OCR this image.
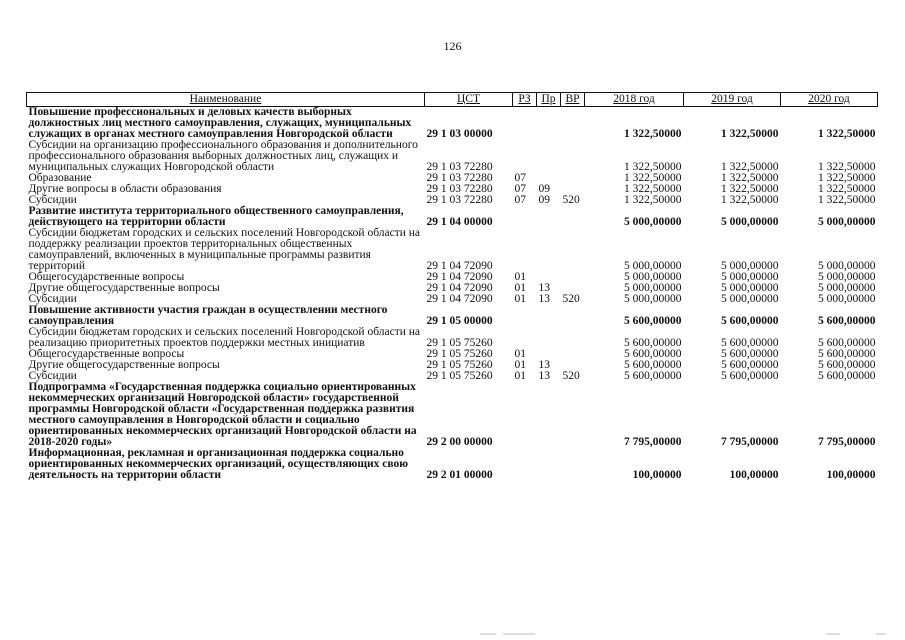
126
Наименование	ЦСТ	РЗ	Пр	ВР	2018 год	2019 год	2020 год
Повышение профессиональных и деловых качеств выборных должностных лиц местного самоуправления, служащих, муниципальных служащих в органах местного самоуправления Новгородской области	29 1 03 00000				1 322,50000	1 322,50000	1 322,50000
Субсидии на организацию профессионального образования и дополнительного профессионального образования выборных должностных лиц, служащих и муниципальных служащих Новгородской области	29 1 03 72280				1 322,50000	1 322,50000	1 322,50000
Образование	29 1 03 72280	07			1 322,50000	1 322,50000	1 322,50000
Другие вопросы в области образования	29 1 03 72280	07	09		1 322,50000	1 322,50000	1 322,50000
Субсидии	29 1 03 72280	07	09	520	1 322,50000	1 322,50000	1 322,50000
Развитие института территориального общественного самоуправления, действующего на территории области	29 1 04 00000				5 000,00000	5 000,00000	5 000,00000
Субсидии бюджетам городских и сельских поселений Новгородской области на поддержку реализации проектов территориальных общественных самоуправлений, включенных в муниципальные программы развития территорий	29 1 04 72090				5 000,00000	5 000,00000	5 000,00000
Общегосударственные вопросы	29 1 04 72090	01			5 000,00000	5 000,00000	5 000,00000
Другие общегосударственные вопросы	29 1 04 72090	01	13		5 000,00000	5 000,00000	5 000,00000
Субсидии	29 1 04 72090	01	13	520	5 000,00000	5 000,00000	5 000,00000
Повышение активности участия граждан в осуществлении местного самоуправления	29 1 05 00000				5 600,00000	5 600,00000	5 600,00000
Субсидии бюджетам городских и сельских поселений Новгородской области на реализацию приоритетных проектов поддержки местных инициатив	29 1 05 75260				5 600,00000	5 600,00000	5 600,00000
Общегосударственные вопросы	29 1 05 75260	01			5 600,00000	5 600,00000	5 600,00000
Другие общегосударственные вопросы	29 1 05 75260	01	13		5 600,00000	5 600,00000	5 600,00000
Субсидии	29 1 05 75260	01	13	520	5 600,00000	5 600,00000	5 600,00000
Подпрограмма «Государственная поддержка социально ориентированных некоммерческих организаций Новгородской области» государственной программы Новгородской области «Государственная поддержка развития местного самоуправления в Новгородской области и социально ориентированных некоммерческих организаций Новгородской области на 2018-2020 годы»	29 2 00 00000				7 795,00000	7 795,00000	7 795,00000
Информационная, рекламная и организационная поддержка социально ориентированных некоммерческих организаций, осуществляющих свою деятельность на территории области	29 2 01 00000				100,00000	100,00000	100,00000
